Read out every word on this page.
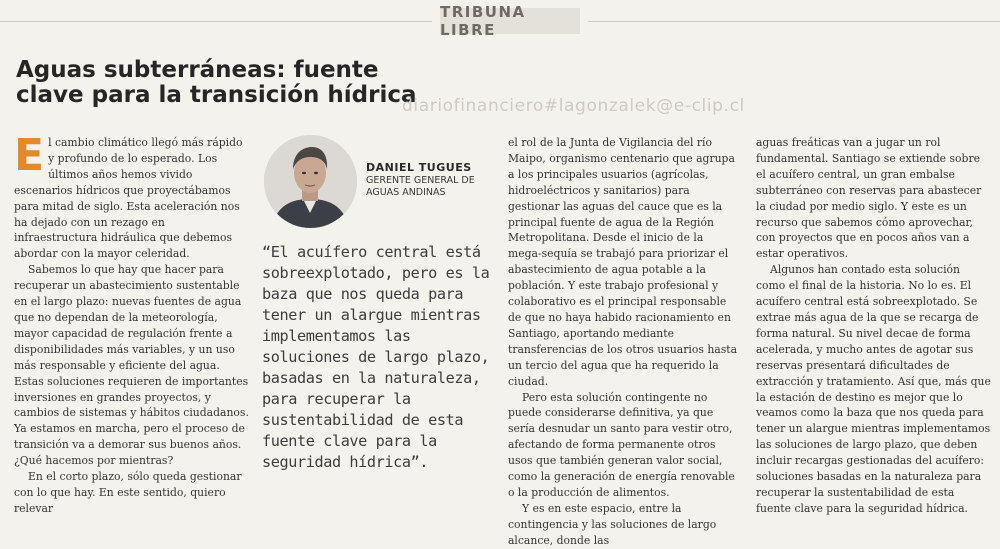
TRIBUNA LIBRE
Aguas subterráneas: fuente clave para la transición hídrica
diariofinanciero#lagonzalek@e-clip.cl
E l cambio climático llegó más rápido y profundo de lo esperado. Los últimos años hemos vivido escenarios hídricos que proyectábamos para mitad de siglo. Esta aceleración nos ha dejado con un rezago en infraestructura hidráulica que debemos abordar con la mayor celeridad.

Sabemos lo que hay que hacer para recuperar un abastecimiento sustentable en el largo plazo: nuevas fuentes de agua que no dependan de la meteorología, mayor capacidad de regulación frente a disponibilidades más variables, y un uso más responsable y eficiente del agua. Estas soluciones requieren de importantes inversiones en grandes proyectos, y cambios de sistemas y hábitos ciudadanos. Ya estamos en marcha, pero el proceso de transición va a demorar sus buenos años. ¿Qué hacemos por mientras?

En el corto plazo, sólo queda gestionar con lo que hay. En este sentido, quiero relevar

DANIEL TUGUES
GERENTE GENERAL DE AGUAS ANDINAS

“El acuífero central está sobreexplotado, pero es la baza que nos queda para tener un alargue mientras implementamos las soluciones de largo plazo, basadas en la naturaleza, para recuperar la sustentabilidad de esta fuente clave para la seguridad hídrica”.

el rol de la Junta de Vigilancia del río Maipo, organismo centenario que agrupa a los principales usuarios (agrícolas, hidroeléctricos y sanitarios) para gestionar las aguas del cauce que es la principal fuente de agua de la Región Metropolitana. Desde el inicio de la mega-sequía se trabajó para priorizar el abastecimiento de agua potable a la población. Y este trabajo profesional y colaborativo es el principal responsable de que no haya habido racionamiento en Santiago, aportando mediante transferencias de los otros usuarios hasta un tercio del agua que ha requerido la ciudad.

Pero esta solución contingente no puede considerarse definitiva, ya que sería desnudar un santo para vestir otro, afectando de forma permanente otros usos que también generan valor social, como la generación de energía renovable o la producción de alimentos.

Y es en este espacio, entre la contingencia y las soluciones de largo alcance, donde las

aguas freáticas van a jugar un rol fundamental. Santiago se extiende sobre el acuífero central, un gran embalse subterráneo con reservas para abastecer la ciudad por medio siglo. Y este es un recurso que sabemos cómo aprovechar, con proyectos que en pocos años van a estar operativos.

Algunos han contado esta solución como el final de la historia. No lo es. El acuífero central está sobreexplotado. Se extrae más agua de la que se recarga de forma natural. Su nivel decae de forma acelerada, y mucho antes de agotar sus reservas presentará dificultades de extracción y tratamiento. Así que, más que la estación de destino es mejor que lo veamos como la baza que nos queda para tener un alargue mientras implementamos las soluciones de largo plazo, que deben incluir recargas gestionadas del acuífero: soluciones basadas en la naturaleza para recuperar la sustentabilidad de esta fuente clave para la seguridad hídrica.
